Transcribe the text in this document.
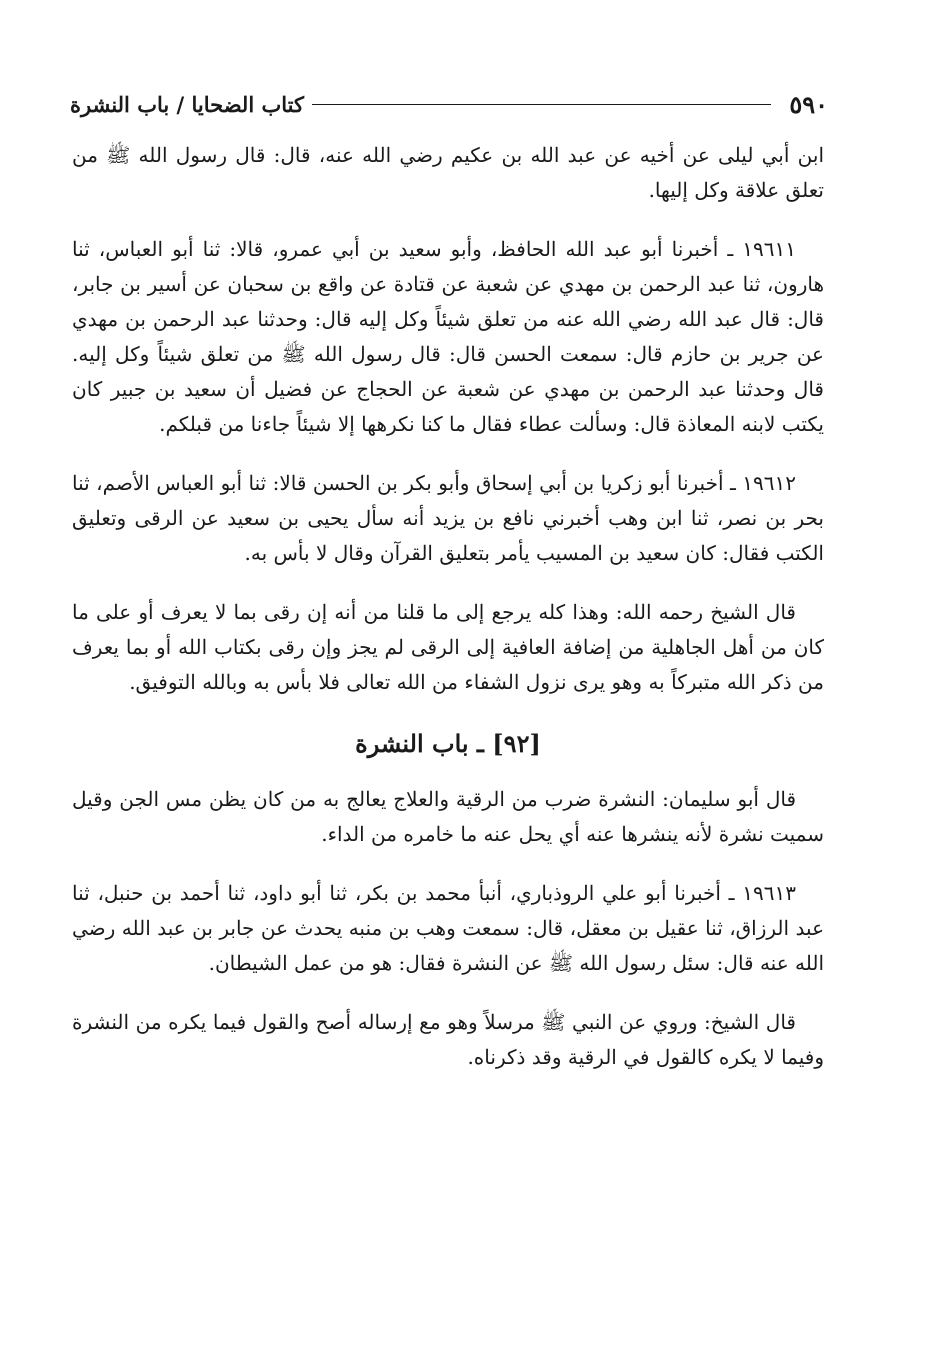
٥٩٠
كتاب الضحايا / باب النشرة

ابن أبي ليلى عن أخيه عن عبد الله بن عكيم رضي الله عنه، قال: قال رسول الله ﷺ من تعلق علاقة وكل إليها.

١٩٦١١ ـ أخبرنا أبو عبد الله الحافظ، وأبو سعيد بن أبي عمرو، قالا: ثنا أبو العباس، ثنا هارون، ثنا عبد الرحمن بن مهدي عن شعبة عن قتادة عن واقع بن سحبان عن أسير بن جابر، قال: قال عبد الله رضي الله عنه من تعلق شيئاً وكل إليه قال: وحدثنا عبد الرحمن بن مهدي عن جرير بن حازم قال: سمعت الحسن قال: قال رسول الله ﷺ من تعلق شيئاً وكل إليه. قال وحدثنا عبد الرحمن بن مهدي عن شعبة عن الحجاج عن فضيل أن سعيد بن جبير كان يكتب لابنه المعاذة قال: وسألت عطاء فقال ما كنا نكرهها إلا شيئاً جاءنا من قبلكم.

١٩٦١٢ ـ أخبرنا أبو زكريا بن أبي إسحاق وأبو بكر بن الحسن قالا: ثنا أبو العباس الأصم، ثنا بحر بن نصر، ثنا ابن وهب أخبرني نافع بن يزيد أنه سأل يحيى بن سعيد عن الرقى وتعليق الكتب فقال: كان سعيد بن المسيب يأمر بتعليق القرآن وقال لا بأس به.

قال الشيخ رحمه الله: وهذا كله يرجع إلى ما قلنا من أنه إن رقى بما لا يعرف أو على ما كان من أهل الجاهلية من إضافة العافية إلى الرقى لم يجز وإن رقى بكتاب الله أو بما يعرف من ذكر الله متبركاً به وهو يرى نزول الشفاء من الله تعالى فلا بأس به وبالله التوفيق.

[٩٢] ـ باب النشرة

قال أبو سليمان: النشرة ضرب من الرقية والعلاج يعالج به من كان يظن مس الجن وقيل سميت نشرة لأنه ينشرها عنه أي يحل عنه ما خامره من الداء.

١٩٦١٣ ـ أخبرنا أبو علي الروذباري، أنبأ محمد بن بكر، ثنا أبو داود، ثنا أحمد بن حنبل، ثنا عبد الرزاق، ثنا عقيل بن معقل، قال: سمعت وهب بن منبه يحدث عن جابر بن عبد الله رضي الله عنه قال: سئل رسول الله ﷺ عن النشرة فقال: هو من عمل الشيطان.

قال الشيخ: وروي عن النبي ﷺ مرسلاً وهو مع إرساله أصح والقول فيما يكره من النشرة وفيما لا يكره كالقول في الرقية وقد ذكرناه.
